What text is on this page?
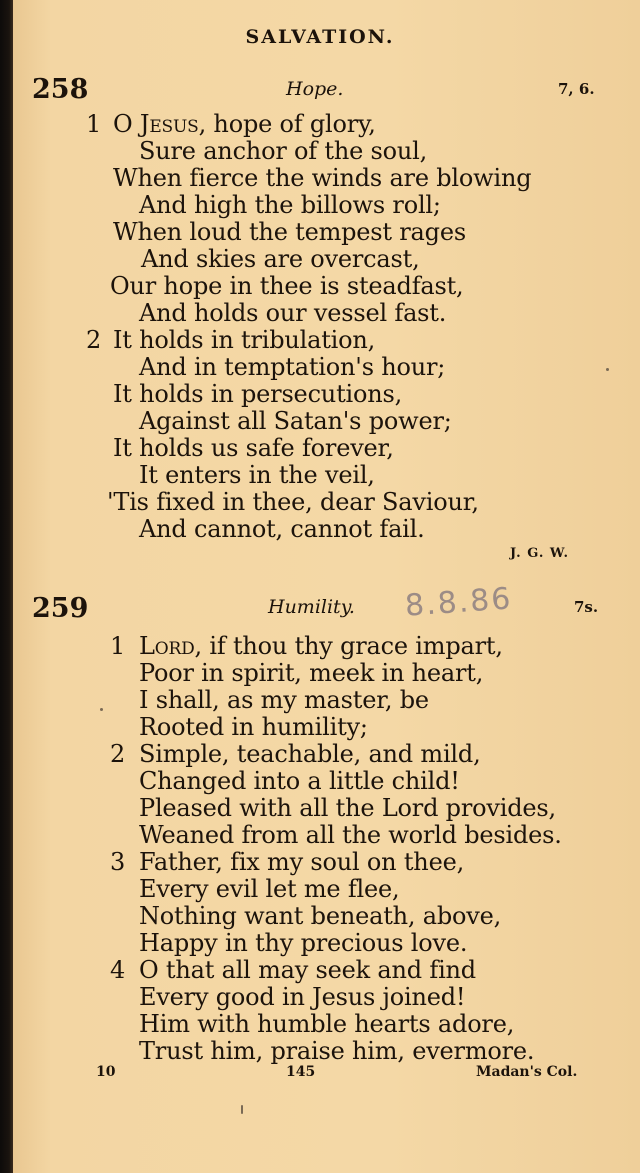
SALVATION.
258	Hope.	7, 6.
1 O Jesus, hope of glory,
Sure anchor of the soul,
When fierce the winds are blowing
And high the billows roll;
When loud the tempest rages
And skies are overcast,
Our hope in thee is steadfast,
And holds our vessel fast.
2 It holds in tribulation,
And in temptation's hour;
It holds in persecutions,
Against all Satan's power;
It holds us safe forever,
It enters in the veil,
'Tis fixed in thee, dear Saviour,
And cannot, cannot fail.
J. G. W.
259	Humility. 8.8.86	7s.
1 Lord, if thou thy grace impart,
Poor in spirit, meek in heart,
I shall, as my master, be
Rooted in humility;
2 Simple, teachable, and mild,
Changed into a little child!
Pleased with all the Lord provides,
Weaned from all the world besides.
3 Father, fix my soul on thee,
Every evil let me flee,
Nothing want beneath, above,
Happy in thy precious love.
4 O that all may seek and find
Every good in Jesus joined!
Him with humble hearts adore,
Trust him, praise him, evermore.
10	145	Madan's Col.
